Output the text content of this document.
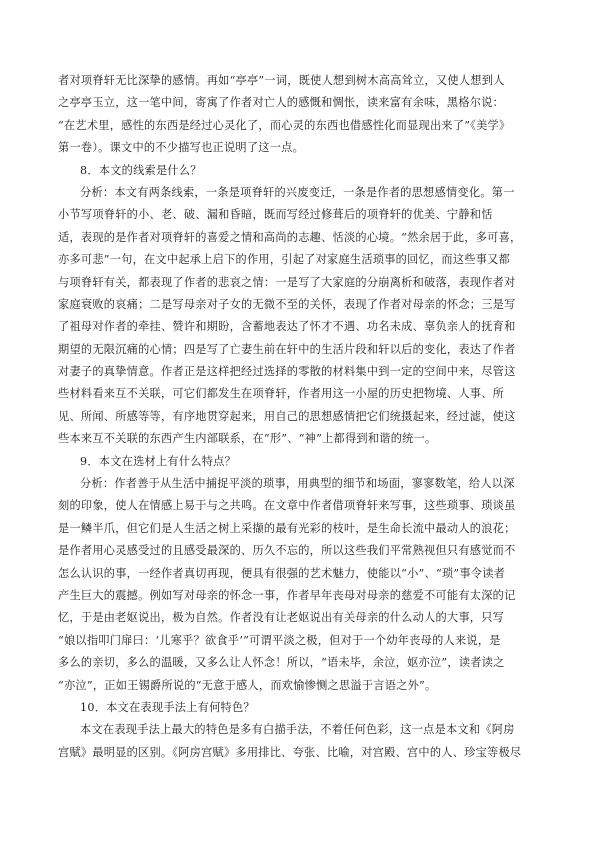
者对项脊轩无比深挚的感情。再如“亭亭”一词，既使人想到树木高高耸立，又使人想到人
之亭亭玉立，这一笔中间，寄寓了作者对亡人的感慨和惆怅，读来富有余味，黑格尔说：
“在艺术里，感性的东西是经过心灵化了，而心灵的东西也借感性化而显现出来了”《美学》
第一卷）。课文中的不少描写也正说明了这一点。
8．本文的线索是什么？
分析：本文有两条线索，一条是项脊轩的兴废变迁，一条是作者的思想感情变化。第一
小节写项脊轩的小、老、破、漏和昏暗，既而写经过修葺后的项脊轩的优美、宁静和恬
适，表现的是作者对项脊轩的喜爱之情和高尚的志趣、恬淡的心境。“然余居于此，多可喜，
亦多可悲”一句，在文中起承上启下的作用，引起了对家庭生活琐事的回忆，而这些事又都
与项脊轩有关，都表现了作者的悲哀之情：一是写了大家庭的分崩离析和破落，表现作者对
家庭衰败的哀痛；二是写母亲对子女的无微不至的关怀，表现了作者对母亲的怀念；三是写
了祖母对作者的牵挂、赞许和期盼，含蓄地表达了怀才不遇、功名未成、辜负亲人的抚育和
期望的无限沉痛的心情；四是写了亡妻生前在轩中的生活片段和轩以后的变化，表达了作者
对妻子的真挚情意。作者正是这样把经过选择的零散的材料集中到一定的空间中来，尽管这
些材料看来互不关联，可它们都发生在项脊轩，作者用这一小屋的历史把物境、人事、所
见、所闻、所感等等，有序地贯穿起来，用自己的思想感情把它们统摄起来，经过滤，使这
些本来互不关联的东西产生内部联系，在“形”、“神”上都得到和谐的统一。
9．本文在选材上有什么特点？
分析：作者善于从生活中捕捉平淡的琐事，用典型的细节和场面，寥寥数笔，给人以深
刻的印象，使人在情感上易于与之共鸣。在文章中作者借项脊轩来写事，这些琐事、琐谈虽
是一鳞半爪，但它们是人生活之树上采撷的最有光彩的枝叶，是生命长流中最动人的浪花；
是作者用心灵感受过的且感受最深的、历久不忘的，所以这些我们平常熟视但只有感觉而不
怎么认识的事，一经作者真切再现，便具有很强的艺术魅力，使能以“小”、“琐”事令读者
产生巨大的震撼。例如写对母亲的怀念一事，作者早年丧母对母亲的慈爱不可能有太深的记
忆，于是由老妪说出，极为自然。作者没有让老妪说出有关母亲的什么动人的大事，只写
“娘以指叩门扉曰：‘儿寒乎？欲食乎’”可谓平淡之极，但对于一个幼年丧母的人来说，是
多么的亲切，多么的温暖，又多么让人怀念！所以，“语未毕，余泣，妪亦泣”，读者读之
“亦泣”，正如王锡爵所说的“无意于感人，而欢愉惨恻之思溢于言语之外”。
10．本文在表现手法上有何特色？
本文在表现手法上最大的特色是多有白描手法，不着任何色彩，这一点是本文和《阿房
宫赋》最明显的区别。《阿房宫赋》多用排比、夸张、比喻，对宫殿、宫中的人、珍宝等极尽
